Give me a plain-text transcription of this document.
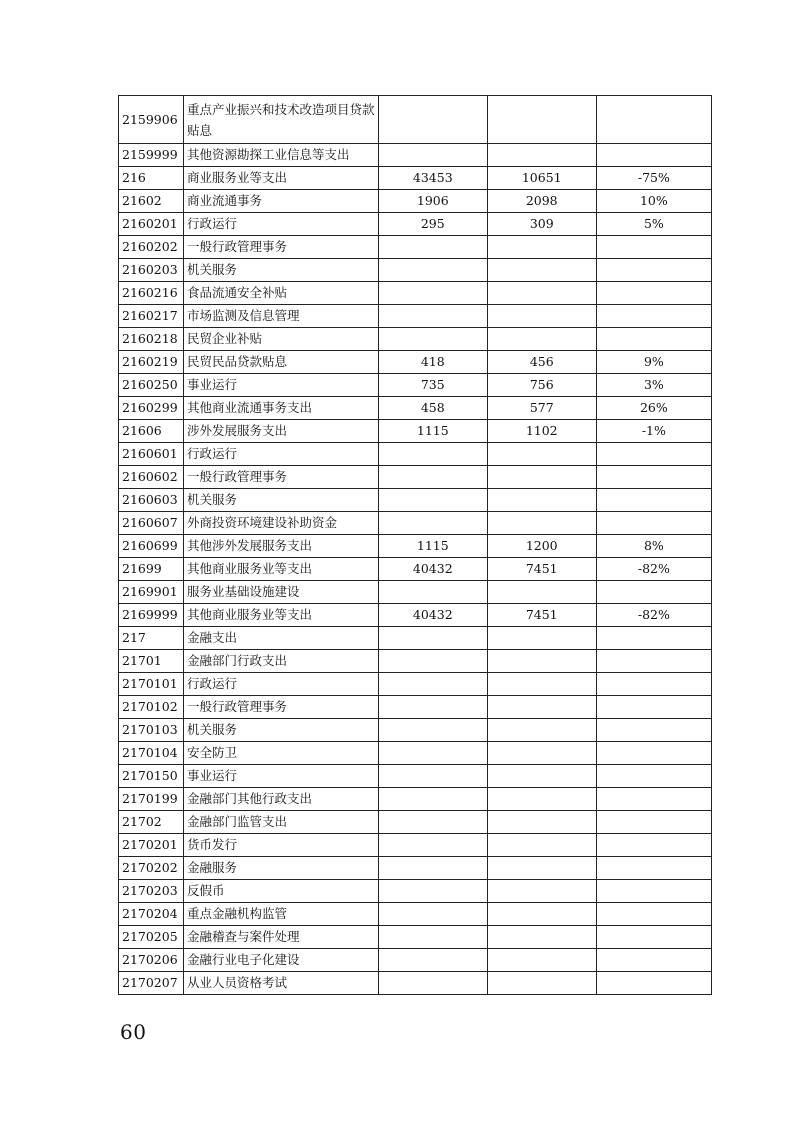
2159906	重点产业振兴和技术改造项目贷款贴息			
2159999	其他资源勘探工业信息等支出			
216	商业服务业等支出	43453	10651	-75%
21602	商业流通事务	1906	2098	10%
2160201	行政运行	295	309	5%
2160202	一般行政管理事务			
2160203	机关服务			
2160216	食品流通安全补贴			
2160217	市场监测及信息管理			
2160218	民贸企业补贴			
2160219	民贸民品贷款贴息	418	456	9%
2160250	事业运行	735	756	3%
2160299	其他商业流通事务支出	458	577	26%
21606	涉外发展服务支出	1115	1102	-1%
2160601	行政运行			
2160602	一般行政管理事务			
2160603	机关服务			
2160607	外商投资环境建设补助资金			
2160699	其他涉外发展服务支出	1115	1200	8%
21699	其他商业服务业等支出	40432	7451	-82%
2169901	服务业基础设施建设			
2169999	其他商业服务业等支出	40432	7451	-82%
217	金融支出			
21701	金融部门行政支出			
2170101	行政运行			
2170102	一般行政管理事务			
2170103	机关服务			
2170104	安全防卫			
2170150	事业运行			
2170199	金融部门其他行政支出			
21702	金融部门监管支出			
2170201	货币发行			
2170202	金融服务			
2170203	反假币			
2170204	重点金融机构监管			
2170205	金融稽查与案件处理			
2170206	金融行业电子化建设			
2170207	从业人员资格考试			
60
